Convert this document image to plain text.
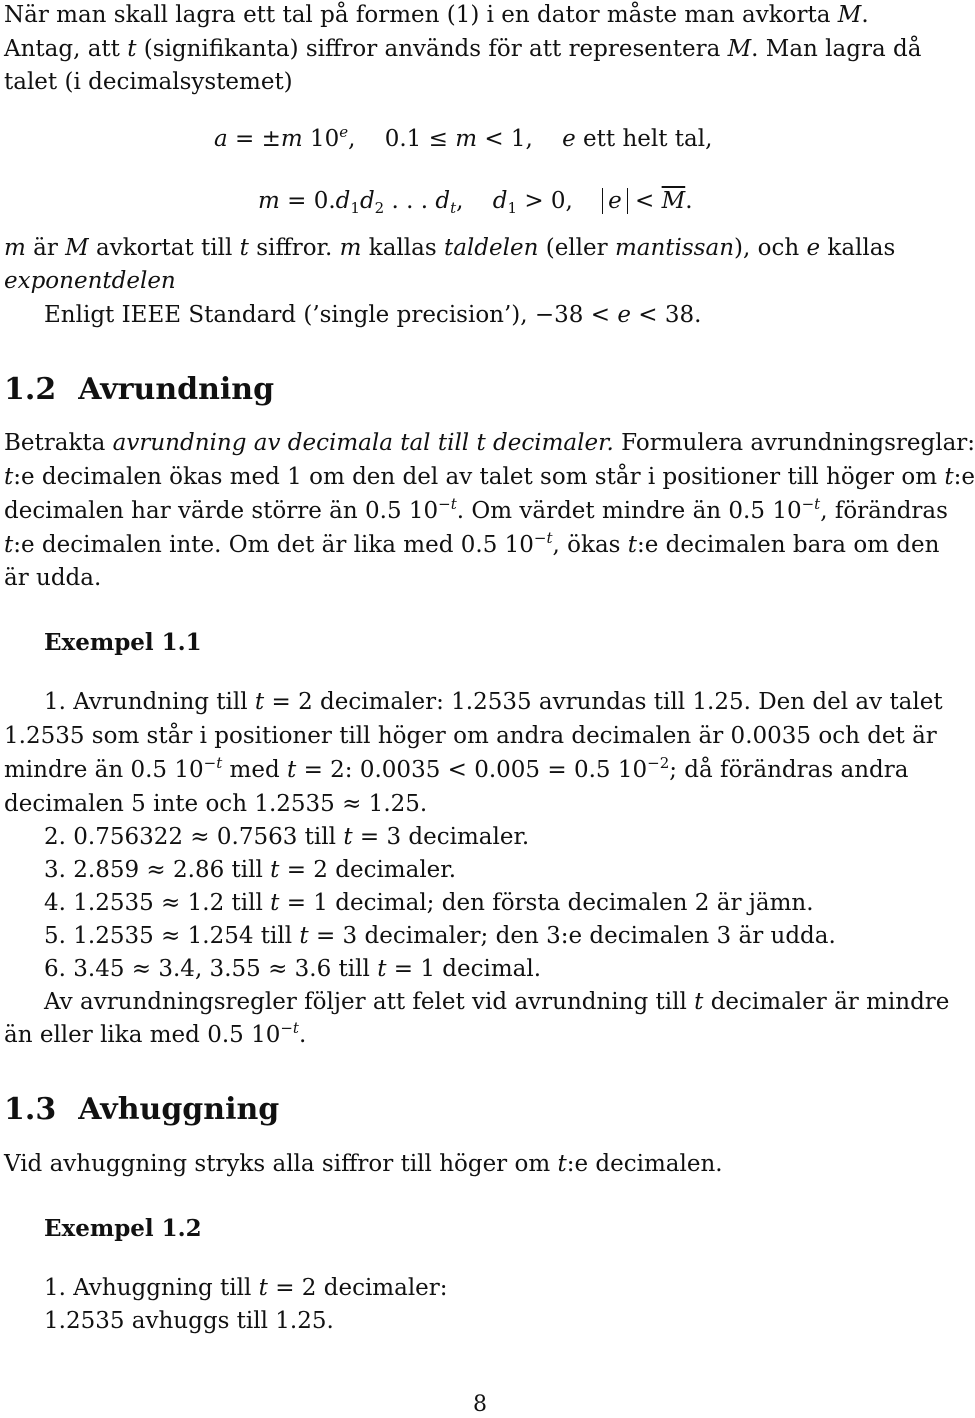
När man skall lagra ett tal på formen (1) i en dator måste man avkorta M.

Antag, att t (signifikanta) siffror används för att representera M. Man lagra då

talet (i decimalsystemet)

a = ±m 10e,    0.1 ≤ m < 1,    e ett helt tal,

$m = 0.d_1d_2$ . . . $d_t$,    $d_1 > 0$,    $e < \overline{M}$.

m är M avkortat till t siffror. m kallas taldelen (eller mantissan), och e kallas

exponentdelen

Enligt IEEE Standard (’single precision’), −38 < e < 38.

1.2 Avrundning

Betrakta avrundning av decimala tal till t decimaler. Formulera avrundningsreglar:

t:e decimalen ökas med 1 om den del av talet som står i positioner till höger om t:e

decimalen har värde större än 0.5 $10^{-t}$. Om värdet mindre än 0.5 $10^{-t}$, förändras

t:e decimalen inte. Om det är lika med 0.5 $10^{-t}$, ökas t:e decimalen bara om den

är udda.

Exempel 1.1

1. Avrundning till t = 2 decimaler: 1.2535 avrundas till 1.25. Den del av talet

1.2535 som står i positioner till höger om andra decimalen är 0.0035 och det är

mindre än 0.5 $10^{-t}$ med t = 2: 0.0035 < 0.005 = 0.5 $10^{-2}$; då förändras andra

decimalen 5 inte och 1.2535 ≈ 1.25.

2. 0.756322 ≈ 0.7563 till t = 3 decimaler.

3. 2.859 ≈ 2.86 till t = 2 decimaler.

4. 1.2535 ≈ 1.2 till t = 1 decimal; den första decimalen 2 är jämn.

5. 1.2535 ≈ 1.254 till t = 3 decimaler; den 3:e decimalen 3 är udda.

6. 3.45 ≈ 3.4, 3.55 ≈ 3.6 till t = 1 decimal.

Av avrundningsregler följer att felet vid avrundning till t decimaler är mindre

än eller lika med 0.5 $10^{-t}$.

1.3 Avhuggning

Vid avhuggning stryks alla siffror till höger om t:e decimalen.

Exempel 1.2

1. Avhuggning till t = 2 decimaler:

1.2535 avhuggs till 1.25.

8
